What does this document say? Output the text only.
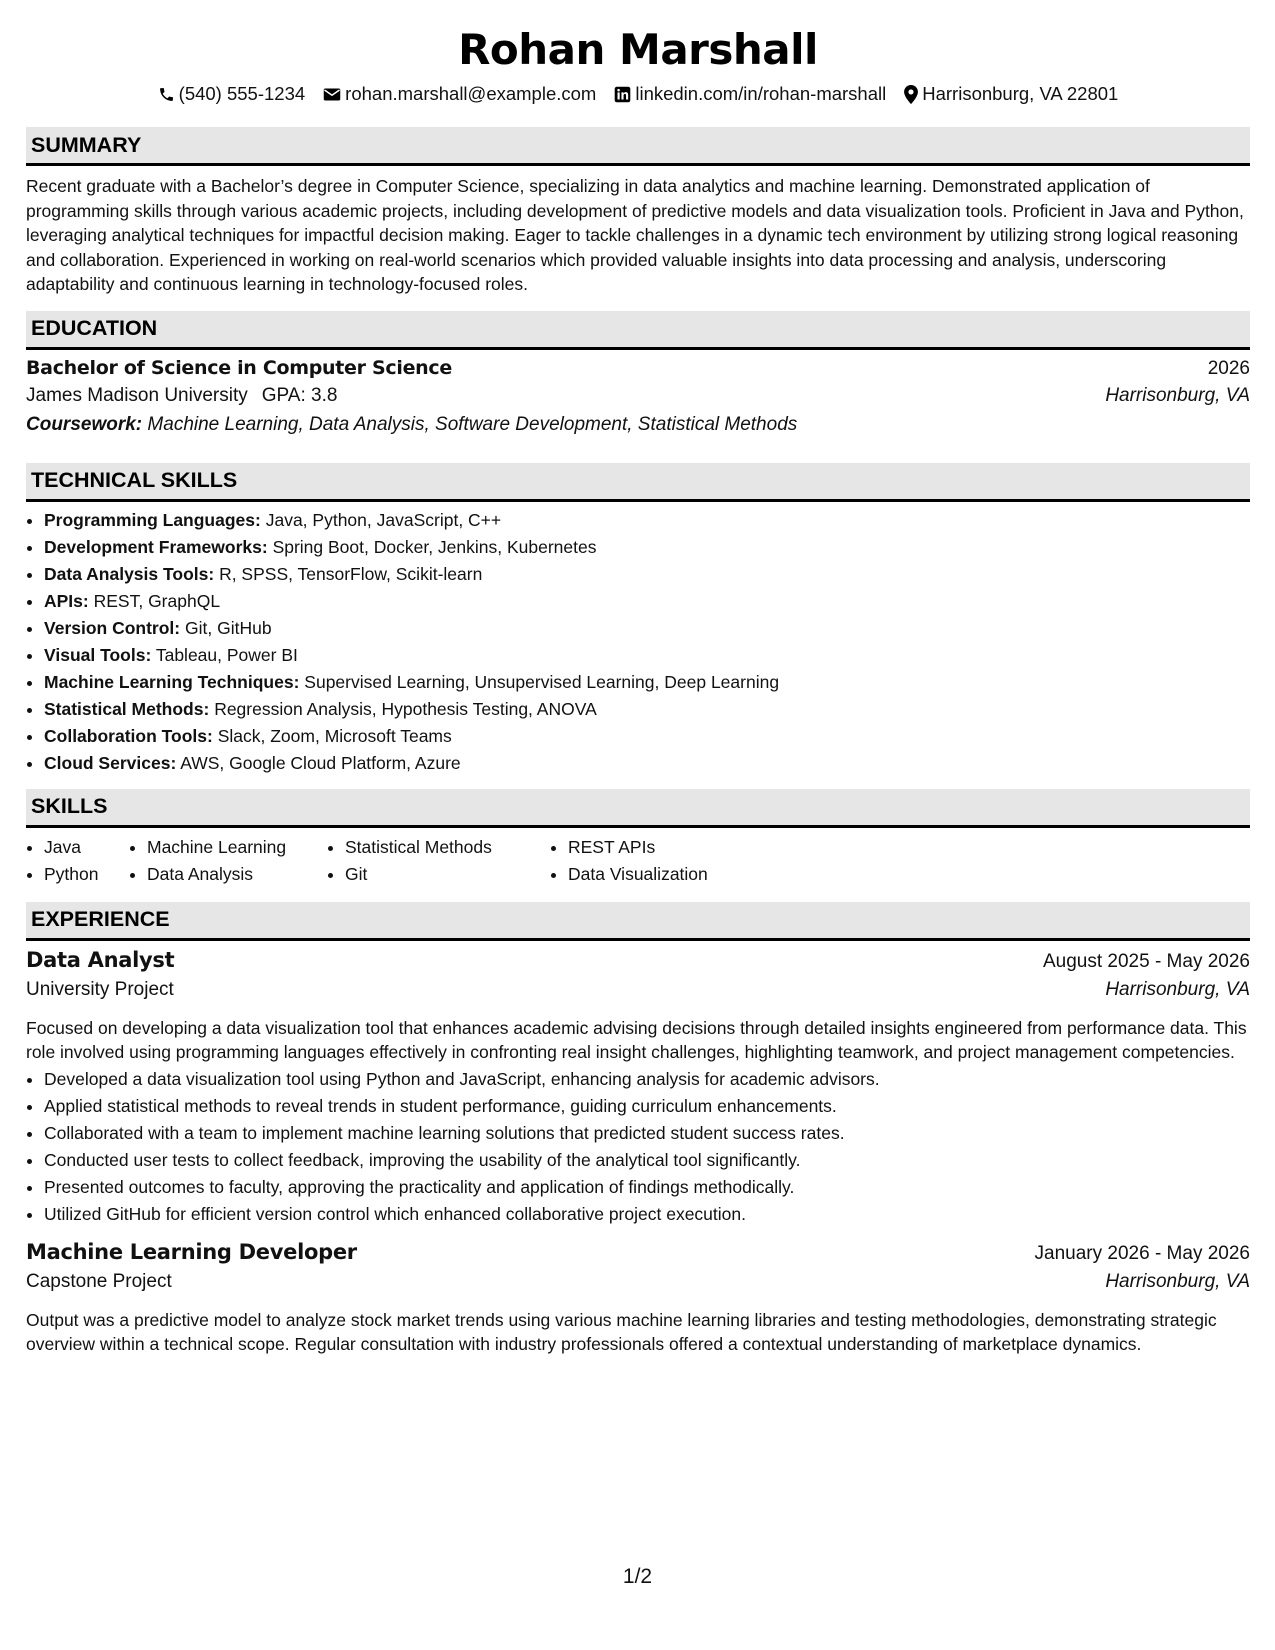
Rohan Marshall
(540) 555-1234 rohan.marshall@example.com linkedin.com/in/rohan-marshall Harrisonburg, VA 22801
SUMMARY
Recent graduate with a Bachelor’s degree in Computer Science, specializing in data analytics and machine learning. Demonstrated application of programming skills through various academic projects, including development of predictive models and data visualization tools. Proficient in Java and Python, leveraging analytical techniques for impactful decision making. Eager to tackle challenges in a dynamic tech environment by utilizing strong logical reasoning and collaboration. Experienced in working on real-world scenarios which provided valuable insights into data processing and analysis, underscoring adaptability and continuous learning in technology-focused roles.
EDUCATION
Bachelor of Science in Computer Science	2026
James Madison University GPA: 3.8	Harrisonburg, VA
Coursework: Machine Learning, Data Analysis, Software Development, Statistical Methods
TECHNICAL SKILLS
• Programming Languages: Java, Python, JavaScript, C++
• Development Frameworks: Spring Boot, Docker, Jenkins, Kubernetes
• Data Analysis Tools: R, SPSS, TensorFlow, Scikit-learn
• APIs: REST, GraphQL
• Version Control: Git, GitHub
• Visual Tools: Tableau, Power BI
• Machine Learning Techniques: Supervised Learning, Unsupervised Learning, Deep Learning
• Statistical Methods: Regression Analysis, Hypothesis Testing, ANOVA
• Collaboration Tools: Slack, Zoom, Microsoft Teams
• Cloud Services: AWS, Google Cloud Platform, Azure
SKILLS
• Java
• Python
• Machine Learning
• Data Analysis
• Statistical Methods
• Git
• REST APIs
• Data Visualization
EXPERIENCE
Data Analyst	August 2025 - May 2026
University Project	Harrisonburg, VA
Focused on developing a data visualization tool that enhances academic advising decisions through detailed insights engineered from performance data. This role involved using programming languages effectively in confronting real insight challenges, highlighting teamwork, and project management competencies.
• Developed a data visualization tool using Python and JavaScript, enhancing analysis for academic advisors.
• Applied statistical methods to reveal trends in student performance, guiding curriculum enhancements.
• Collaborated with a team to implement machine learning solutions that predicted student success rates.
• Conducted user tests to collect feedback, improving the usability of the analytical tool significantly.
• Presented outcomes to faculty, approving the practicality and application of findings methodically.
• Utilized GitHub for efficient version control which enhanced collaborative project execution.
Machine Learning Developer	January 2026 - May 2026
Capstone Project	Harrisonburg, VA
Output was a predictive model to analyze stock market trends using various machine learning libraries and testing methodologies, demonstrating strategic overview within a technical scope. Regular consultation with industry professionals offered a contextual understanding of marketplace dynamics.
1/2
